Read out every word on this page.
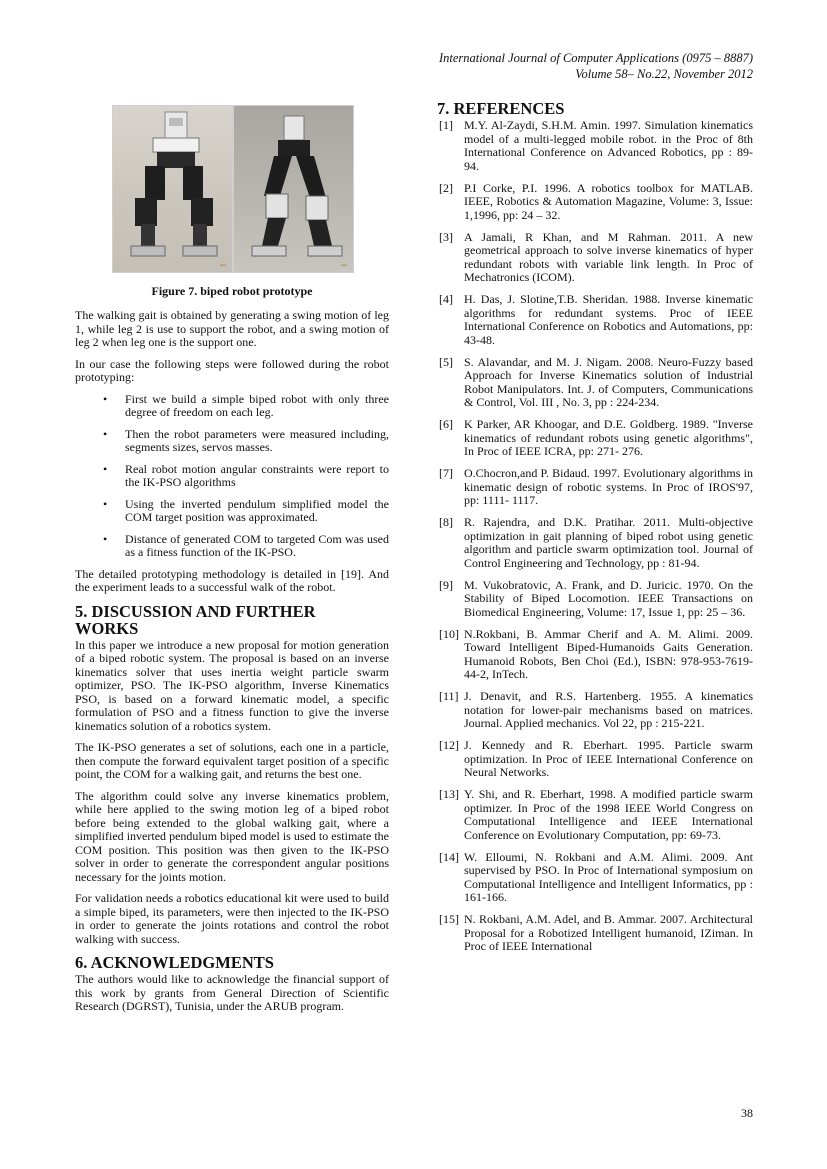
International Journal of Computer Applications (0975 – 8887)
Volume 58– No.22, November 2012
▪▪▪	▪▪▪
Figure 7. biped robot prototype

The walking gait is obtained by generating a swing motion of leg 1, while leg 2 is use to support the robot, and a swing motion of leg 2 when leg one is the support one.

In our case the following steps were followed during the robot prototyping:

• First we build a simple biped robot with only three degree of freedom on each leg.
• Then the robot parameters were measured including, segments sizes, servos masses.
• Real robot motion angular constraints were report to the IK-PSO algorithms
• Using the inverted pendulum simplified model the COM target position was approximated.
• Distance of generated COM to targeted Com was used as a fitness function of the IK-PSO.

The detailed prototyping methodology is detailed in [19]. And the experiment leads to a successful walk of the robot.

5. DISCUSSION AND FURTHER
WORKS

In this paper we introduce a new proposal for motion generation of a biped robotic system. The proposal is based on an inverse kinematics solver that uses inertia weight particle swarm optimizer, PSO. The IK-PSO algorithm, Inverse Kinematics PSO, is based on a forward kinematic model, a specific formulation of PSO and a fitness function to give the inverse kinematics solution of a robotics system.

The IK-PSO generates a set of solutions, each one in a particle, then compute the forward equivalent target position of a specific point, the COM for a walking gait, and returns the best one.

The algorithm could solve any inverse kinematics problem, while here applied to the swing motion leg of a biped robot before being extended to the global walking gait, where a simplified inverted pendulum biped model is used to estimate the COM position. This position was then given to the IK-PSO solver in order to generate the correspondent angular positions necessary for the joints motion.

For validation needs a robotics educational kit were used to build a simple biped, its parameters, were then injected to the IK-PSO in order to generate the joints rotations and control the robot walking with success.

6. ACKNOWLEDGMENTS

The authors would like to acknowledge the financial support of this work by grants from General Direction of Scientific Research (DGRST), Tunisia, under the ARUB program.

7. REFERENCES
[1] M.Y. Al-Zaydi, S.H.M. Amin. 1997. Simulation kinematics model of a multi-legged mobile robot. in the Proc of 8th International Conference on Advanced Robotics, pp : 89-94.
[2] P.I Corke, P.I. 1996. A robotics toolbox for MATLAB. IEEE, Robotics & Automation Magazine, Volume: 3, Issue: 1,1996, pp: 24 – 32.
[3] A Jamali, R Khan, and M Rahman. 2011. A new geometrical approach to solve inverse kinematics of hyper redundant robots with variable link length. In Proc of Mechatronics (ICOM).
[4] H. Das, J. Slotine,T.B. Sheridan. 1988. Inverse kinematic algorithms for redundant systems. Proc of IEEE International Conference on Robotics and Automations, pp: 43-48.
[5] S. Alavandar, and M. J. Nigam. 2008. Neuro-Fuzzy based Approach for Inverse Kinematics solution of Industrial Robot Manipulators. Int. J. of Computers, Communications & Control, Vol. III , No. 3, pp : 224-234.
[6] K Parker, AR Khoogar, and D.E. Goldberg. 1989. "Inverse kinematics of redundant robots using genetic algorithms", In Proc of IEEE ICRA, pp: 271- 276.
[7] O.Chocron,and P. Bidaud. 1997. Evolutionary algorithms in kinematic design of robotic systems. In Proc of IROS'97, pp: 1111- 1117.
[8] R. Rajendra, and D.K. Pratihar. 2011. Multi-objective optimization in gait planning of biped robot using genetic algorithm and particle swarm optimization tool. Journal of Control Engineering and Technology, pp : 81-94.
[9] M. Vukobratovic, A. Frank, and D. Juricic. 1970. On the Stability of Biped Locomotion. IEEE Transactions on Biomedical Engineering, Volume: 17, Issue 1, pp: 25 – 36.
[10] N.Rokbani, B. Ammar Cherif and A. M. Alimi. 2009. Toward Intelligent Biped-Humanoids Gaits Generation. Humanoid Robots, Ben Choi (Ed.), ISBN: 978-953-7619-44-2, InTech.
[11] J. Denavit, and R.S. Hartenberg. 1955. A kinematics notation for lower-pair mechanisms based on matrices. Journal. Applied mechanics. Vol 22, pp : 215-221.
[12] J. Kennedy and R. Eberhart. 1995. Particle swarm optimization. In Proc of IEEE International Conference on Neural Networks.
[13] Y. Shi, and R. Eberhart, 1998. A modified particle swarm optimizer. In Proc of the 1998 IEEE World Congress on Computational Intelligence and IEEE International Conference on Evolutionary Computation, pp: 69-73.
[14] W. Elloumi, N. Rokbani and A.M. Alimi. 2009. Ant supervised by PSO. In Proc of International symposium on Computational Intelligence and Intelligent Informatics, pp : 161-166.
[15] N. Rokbani, A.M. Adel, and B. Ammar. 2007. Architectural Proposal for a Robotized Intelligent humanoid, IZiman. In Proc of IEEE International
38
